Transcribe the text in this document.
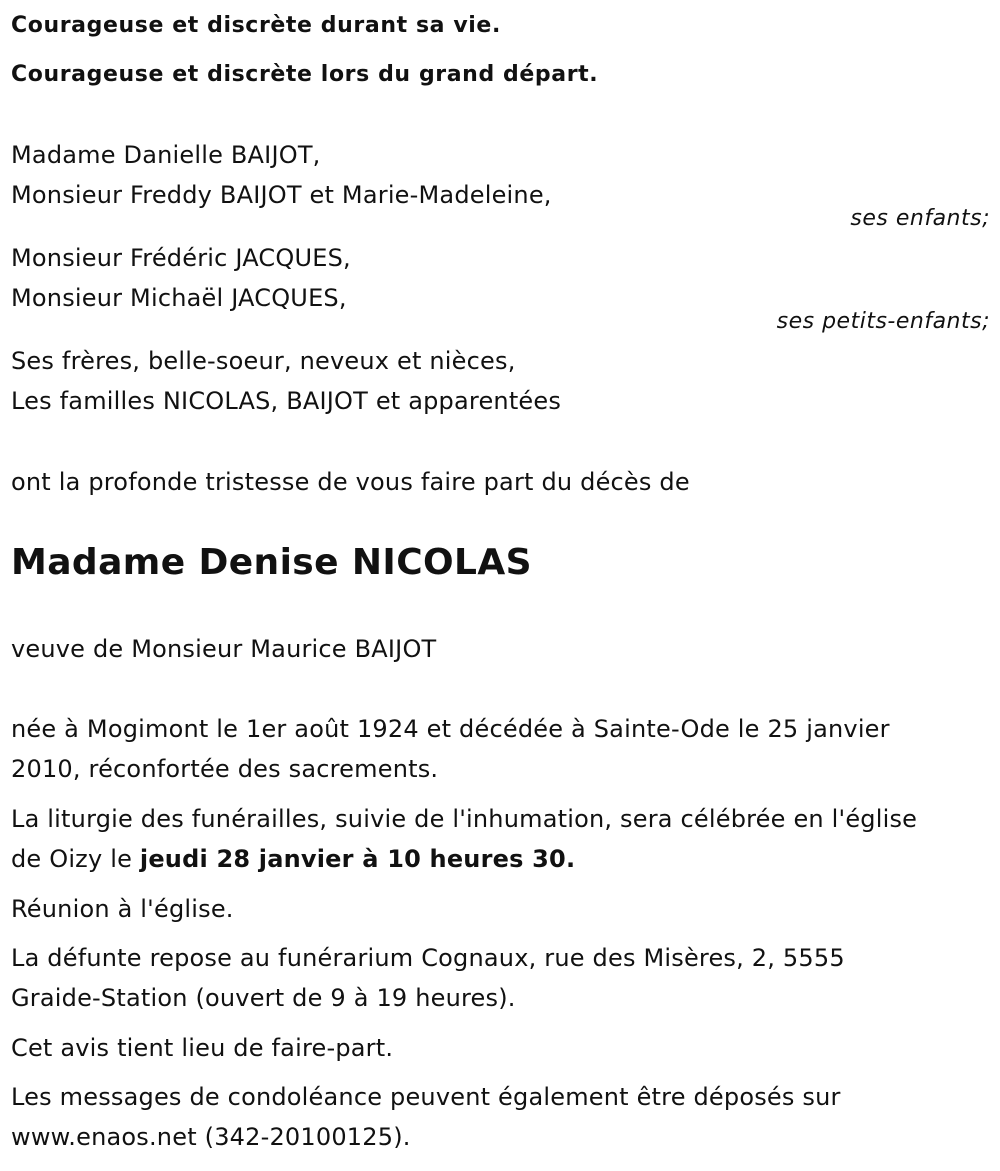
Courageuse et discrète durant sa vie.
Courageuse et discrète lors du grand départ.
Madame Danielle BAIJOT,
Monsieur Freddy BAIJOT et Marie-Madeleine,
ses enfants;
Monsieur Frédéric JACQUES,
Monsieur Michaël JACQUES,
ses petits-enfants;
Ses frères, belle-soeur, neveux et nièces,
Les familles NICOLAS, BAIJOT et apparentées
ont la profonde tristesse de vous faire part du décès de
Madame Denise NICOLAS
veuve de Monsieur Maurice BAIJOT
née à Mogimont le 1er août 1924 et décédée à Sainte-Ode le 25 janvier
2010, réconfortée des sacrements.
La liturgie des funérailles, suivie de l'inhumation, sera célébrée en l'église
de Oizy le jeudi 28 janvier à 10 heures 30.
Réunion à l'église.
La défunte repose au funérarium Cognaux, rue des Misères, 2, 5555
Graide-Station (ouvert de 9 à 19 heures).
Cet avis tient lieu de faire-part.
Les messages de condoléance peuvent également être déposés sur
www.enaos.net (342-20100125).
